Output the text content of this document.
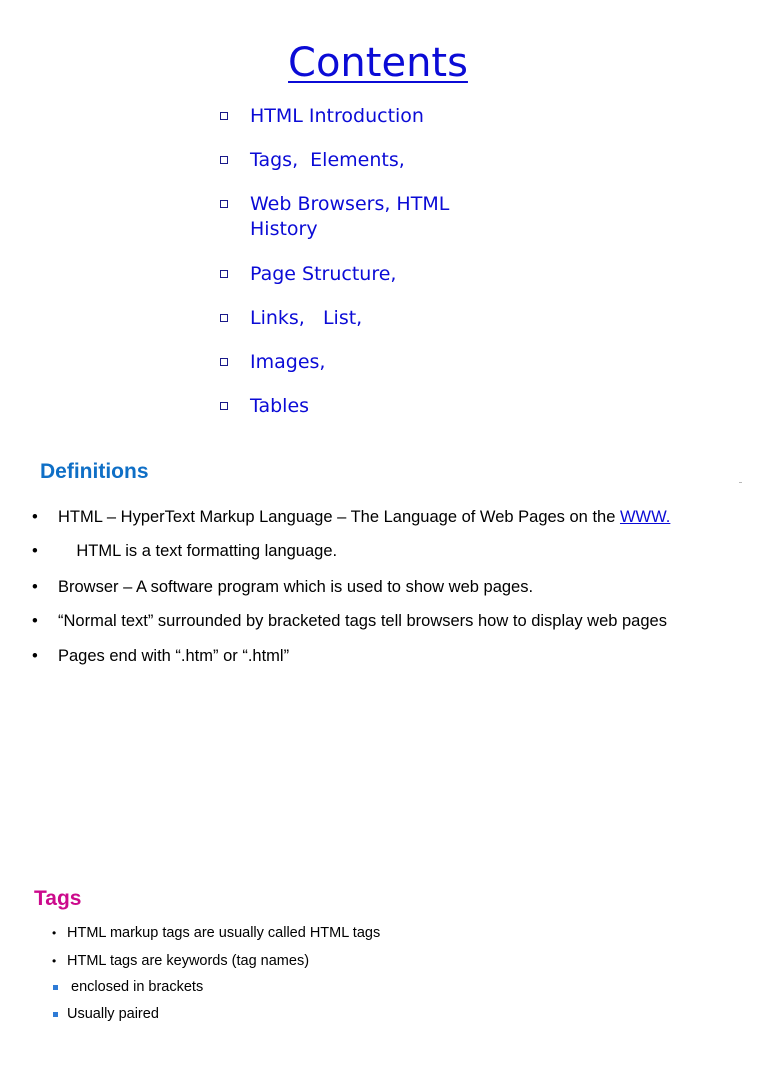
Contents
HTML Introduction
Tags,  Elements,
Web Browsers, HTML
History
Page Structure,
Links,   List,
Images,
Tables
Definitions

•

HTML – HyperText Markup Language – The Language of Web Pages on the WWW.

•

HTML is a text formatting language.

•

Browser – A software program which is used to show web pages.

•

“Normal text” surrounded by bracketed tags tell browsers how to display web pages

•

Pages end with “.htm” or “.html”

Tags

•

HTML markup tags are usually called HTML tags

•

HTML tags are keywords (tag names)

enclosed in brackets

Usually paired
